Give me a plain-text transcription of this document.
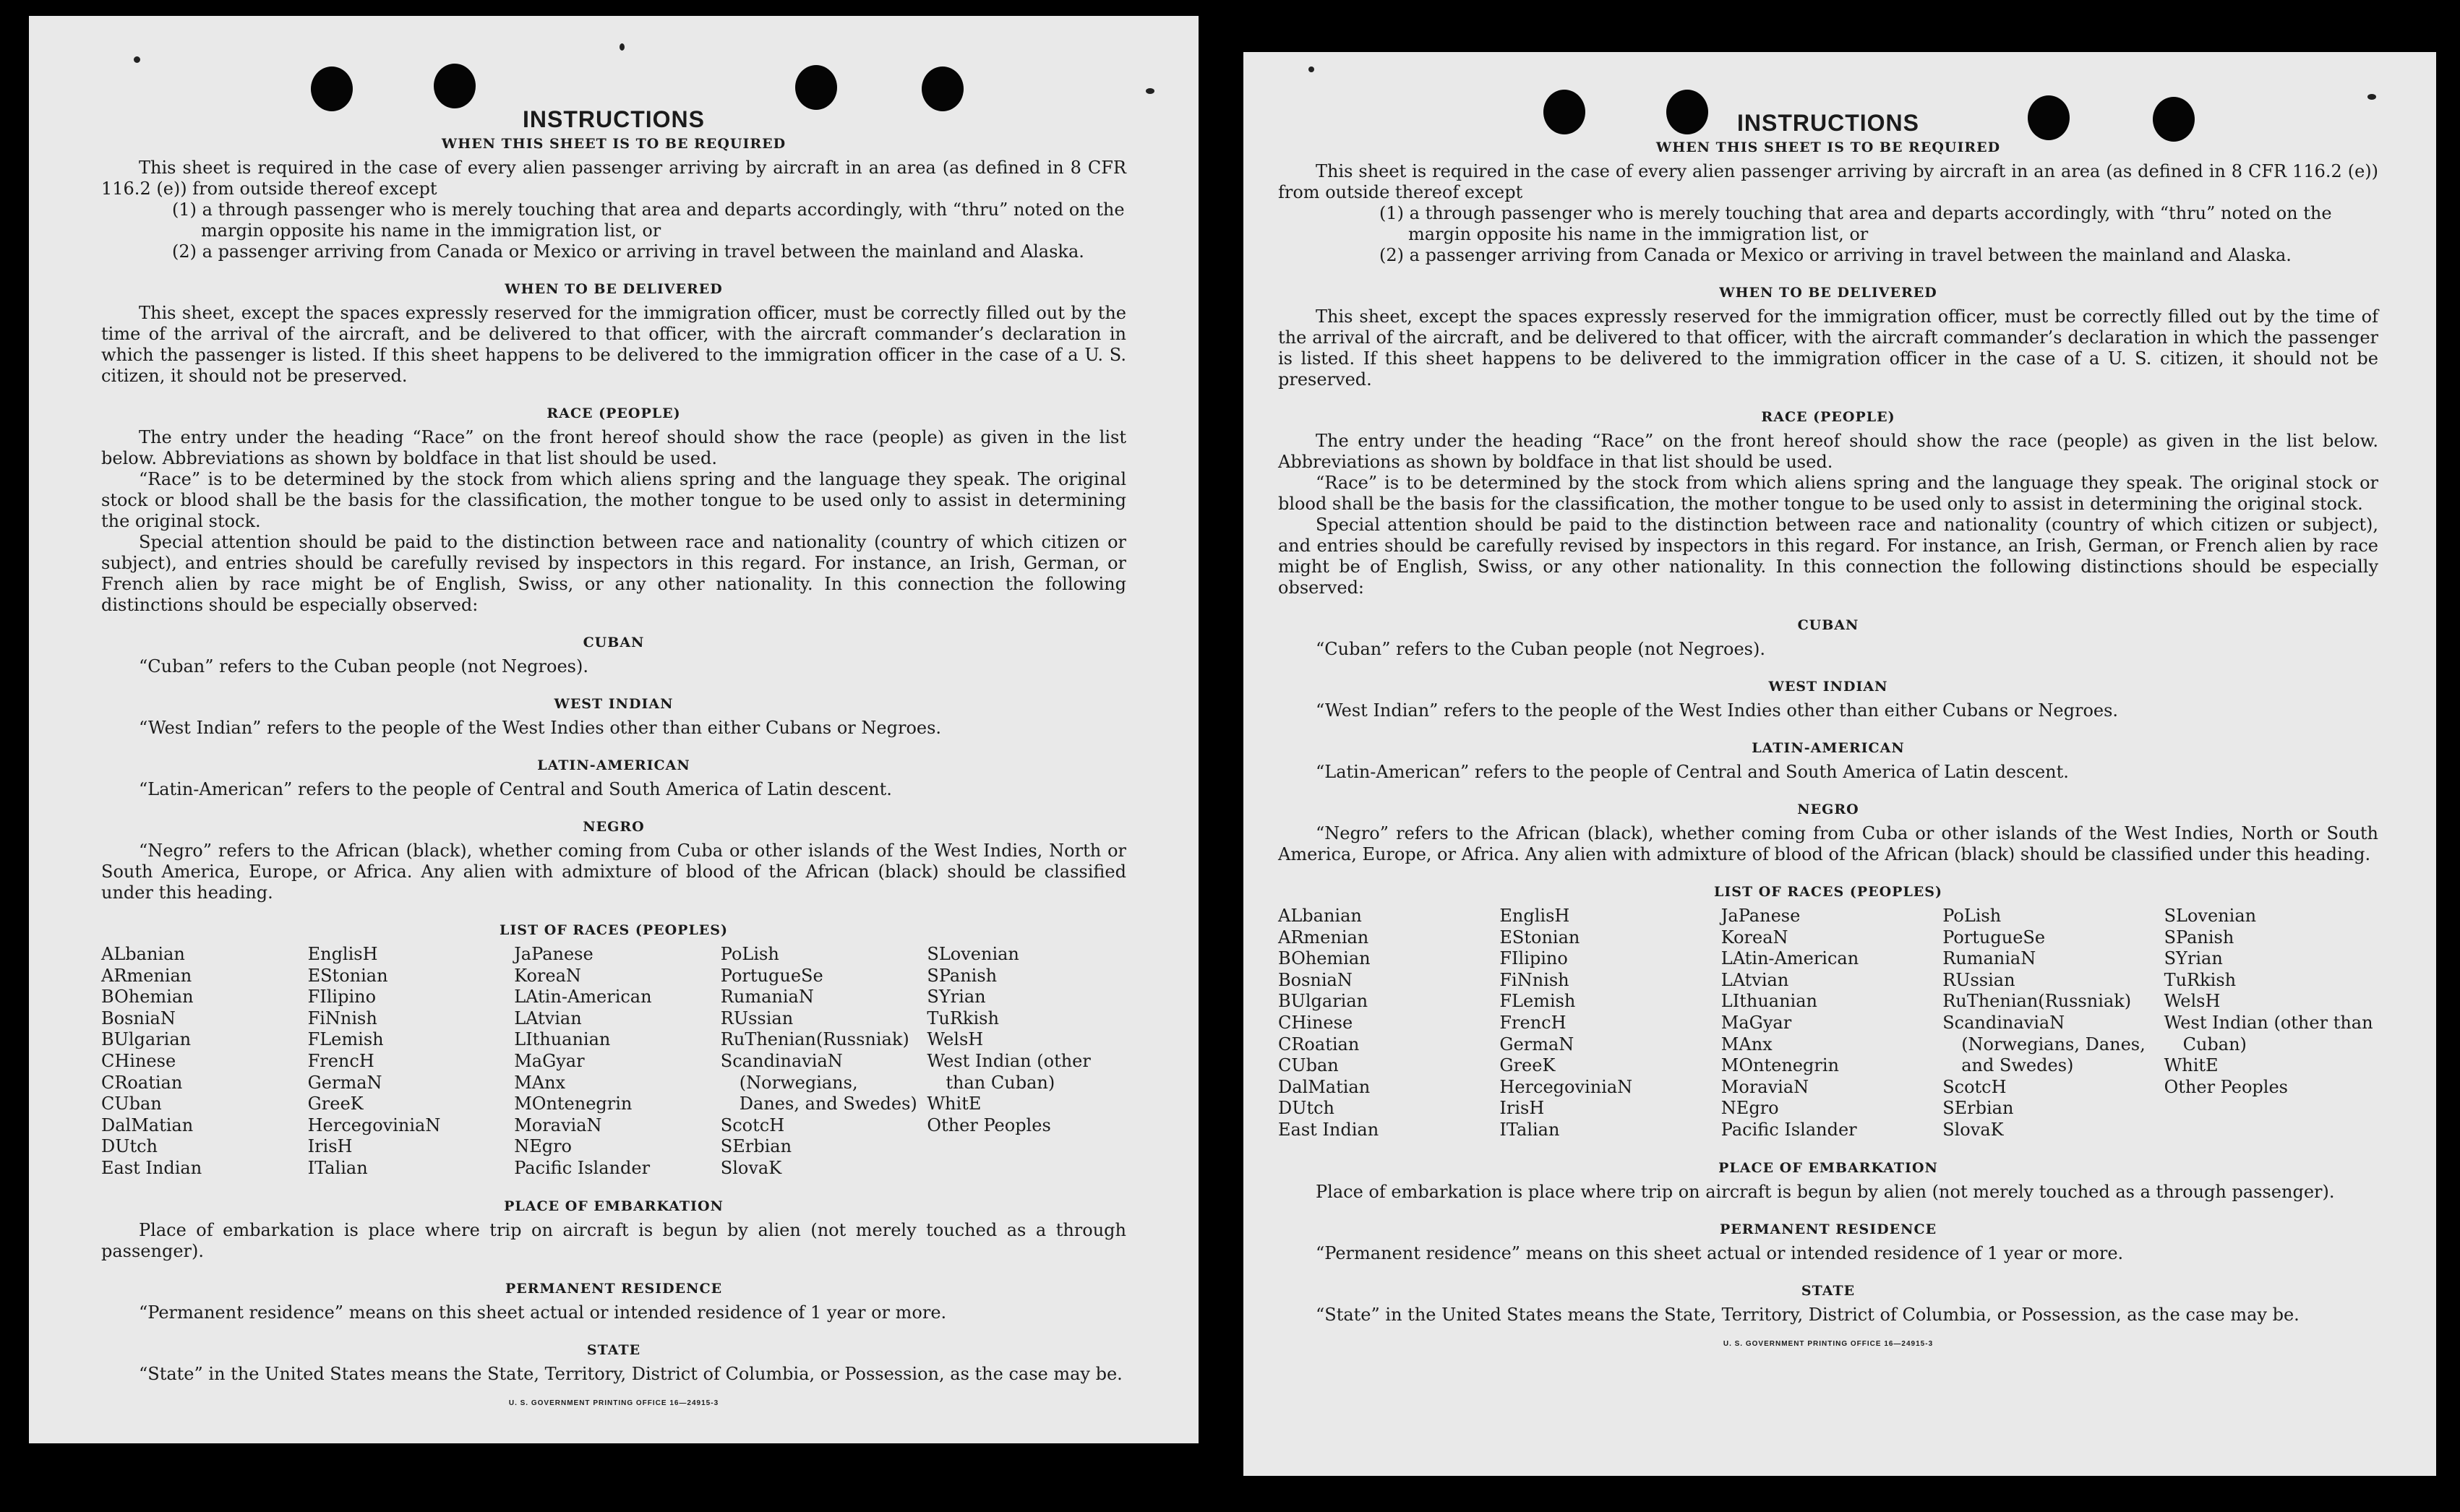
INSTRUCTIONS
WHEN THIS SHEET IS TO BE REQUIRED

This sheet is required in the case of every alien passenger arriving by aircraft in an area (as defined in 8 CFR 116.2 (e)) from outside thereof except

(1) a through passenger who is merely touching that area and departs accordingly, with “thru” noted on the margin opposite his name in the immigration list, or
(2) a passenger arriving from Canada or Mexico or arriving in travel between the mainland and Alaska.
WHEN TO BE DELIVERED

This sheet, except the spaces expressly reserved for the immigration officer, must be correctly filled out by the time of the arrival of the aircraft, and be delivered to that officer, with the aircraft commander’s declaration in which the passenger is listed. If this sheet happens to be delivered to the immigration officer in the case of a U. S. citizen, it should not be preserved.

RACE (PEOPLE)

The entry under the heading “Race” on the front hereof should show the race (people) as given in the list below. Abbreviations as shown by boldface in that list should be used.

“Race” is to be determined by the stock from which aliens spring and the language they speak. The original stock or blood shall be the basis for the classification, the mother tongue to be used only to assist in determining the original stock.

Special attention should be paid to the distinction between race and nationality (country of which citizen or subject), and entries should be carefully revised by inspectors in this regard. For instance, an Irish, German, or French alien by race might be of English, Swiss, or any other nationality. In this connection the following distinctions should be especially observed:

CUBAN

“Cuban” refers to the Cuban people (not Negroes).

WEST INDIAN

“West Indian” refers to the people of the West Indies other than either Cubans or Negroes.

LATIN-AMERICAN

“Latin-American” refers to the people of Central and South America of Latin descent.

NEGRO

“Negro” refers to the African (black), whether coming from Cuba or other islands of the West Indies, North or South America, Europe, or Africa. Any alien with admixture of blood of the African (black) should be classified under this heading.

LIST OF RACES (PEOPLES)
ALbanian
ARmenian
BOhemian
BosniaN
BUlgarian
CHinese
CRoatian
CUban
DalMatian
DUtch
East Indian
EnglisH
EStonian
FIlipino
FiNnish
FLemish
FrencH
GermaN
GreeK
HercegoviniaN
IrisH
ITalian
JaPanese
KoreaN
LAtin-American
LAtvian
LIthuanian
MaGyar
MAnx
MOntenegrin
MoraviaN
NEgro
Pacific Islander
PoLish
PortugueSe
RumaniaN
RUssian
RuThenian(Russniak)
ScandinaviaN (Norwegians, Danes, and Swedes)
ScotcH
SErbian
SlovaK
SLovenian
SPanish
SYrian
TuRkish
WelsH
West Indian (other than Cuban)
WhitE
Other Peoples
PLACE OF EMBARKATION

Place of embarkation is place where trip on aircraft is begun by alien (not merely touched as a through passenger).

PERMANENT RESIDENCE

“Permanent residence” means on this sheet actual or intended residence of 1 year or more.

STATE

“State” in the United States means the State, Territory, District of Columbia, or Possession, as the case may be.

U. S. GOVERNMENT PRINTING OFFICE 16—24915-3
INSTRUCTIONS
WHEN THIS SHEET IS TO BE REQUIRED

This sheet is required in the case of every alien passenger arriving by aircraft in an area (as defined in 8 CFR 116.2 (e)) from outside thereof except

(1) a through passenger who is merely touching that area and departs accordingly, with “thru” noted on the margin opposite his name in the immigration list, or
(2) a passenger arriving from Canada or Mexico or arriving in travel between the mainland and Alaska.
WHEN TO BE DELIVERED

This sheet, except the spaces expressly reserved for the immigration officer, must be correctly filled out by the time of the arrival of the aircraft, and be delivered to that officer, with the aircraft commander’s declaration in which the passenger is listed. If this sheet happens to be delivered to the immigration officer in the case of a U. S. citizen, it should not be preserved.

RACE (PEOPLE)

The entry under the heading “Race” on the front hereof should show the race (people) as given in the list below. Abbreviations as shown by boldface in that list should be used.

“Race” is to be determined by the stock from which aliens spring and the language they speak. The original stock or blood shall be the basis for the classification, the mother tongue to be used only to assist in determining the original stock.

Special attention should be paid to the distinction between race and nationality (country of which citizen or subject), and entries should be carefully revised by inspectors in this regard. For instance, an Irish, German, or French alien by race might be of English, Swiss, or any other nationality. In this connection the following distinctions should be especially observed:

CUBAN

“Cuban” refers to the Cuban people (not Negroes).

WEST INDIAN

“West Indian” refers to the people of the West Indies other than either Cubans or Negroes.

LATIN-AMERICAN

“Latin-American” refers to the people of Central and South America of Latin descent.

NEGRO

“Negro” refers to the African (black), whether coming from Cuba or other islands of the West Indies, North or South America, Europe, or Africa. Any alien with admixture of blood of the African (black) should be classified under this heading.

LIST OF RACES (PEOPLES)
ALbanian
ARmenian
BOhemian
BosniaN
BUlgarian
CHinese
CRoatian
CUban
DalMatian
DUtch
East Indian
EnglisH
EStonian
FIlipino
FiNnish
FLemish
FrencH
GermaN
GreeK
HercegoviniaN
IrisH
ITalian
JaPanese
KoreaN
LAtin-American
LAtvian
LIthuanian
MaGyar
MAnx
MOntenegrin
MoraviaN
NEgro
Pacific Islander
PoLish
PortugueSe
RumaniaN
RUssian
RuThenian(Russniak)
ScandinaviaN (Norwegians, Danes, and Swedes)
ScotcH
SErbian
SlovaK
SLovenian
SPanish
SYrian
TuRkish
WelsH
West Indian (other than Cuban)
WhitE
Other Peoples
PLACE OF EMBARKATION

Place of embarkation is place where trip on aircraft is begun by alien (not merely touched as a through passenger).

PERMANENT RESIDENCE

“Permanent residence” means on this sheet actual or intended residence of 1 year or more.

STATE

“State” in the United States means the State, Territory, District of Columbia, or Possession, as the case may be.

U. S. GOVERNMENT PRINTING OFFICE 16—24915-3
